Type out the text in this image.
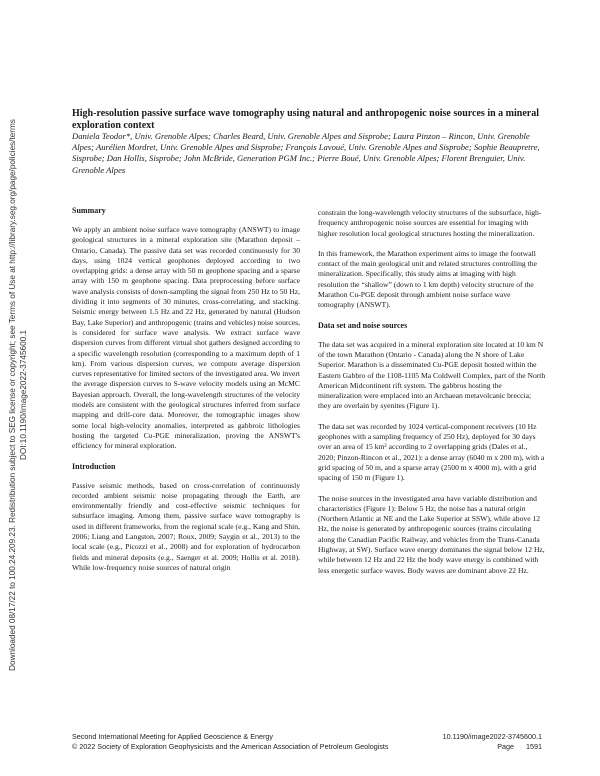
Downloaded 08/17/22 to 100.24.209.23. Redistribution subject to SEG license or copyright; see Terms of Use at http://library.seg.org/page/policies/terms DOI:10.1190/image2022-3745600.1
High-resolution passive surface wave tomography using natural and anthropogenic noise sources in a mineral exploration context
Daniela Teodor*, Univ. Grenoble Alpes; Charles Beard, Univ. Grenoble Alpes and Sisprobe; Laura Pinzon – Rincon, Univ. Grenoble Alpes; Aurélien Mordret, Univ. Grenoble Alpes and Sisprobe; François Lavoué, Univ. Grenoble Alpes and Sisprobe; Sophie Beaupretre, Sisprobe; Dan Hollis, Sisprobe; John McBride, Generation PGM Inc.; Pierre Boué, Univ. Grenoble Alpes; Florent Brenguier, Univ. Grenoble Alpes
Summary

We apply an ambient noise surface wave tomography (ANSWT) to image geological structures in a mineral exploration site (Marathon deposit – Ontario, Canada). The passive data set was recorded continuously for 30 days, using 1024 vertical geophones deployed according to two overlapping grids: a dense array with 50 m geophone spacing and a sparse array with 150 m geophone spacing. Data preprocessing before surface wave analysis consists of down-sampling the signal from 250 Hz to 50 Hz, dividing it into segments of 30 minutes, cross-correlating, and stacking. Seismic energy between 1.5 Hz and 22 Hz, generated by natural (Hudson Bay, Lake Superior) and anthropogenic (trains and vehicles) noise sources, is considered for surface wave analysis. We extract surface wave dispersion curves from different virtual shot gathers designed according to a specific wavelength resolution (corresponding to a maximum depth of 1 km). From various dispersion curves, we compute average dispersion curves representative for limited sectors of the investigated area. We invert the average dispersion curves to S-wave velocity models using an McMC Bayesian approach. Overall, the long-wavelength structures of the velocity models are consistent with the geological structures inferred from surface mapping and drill-core data. Moreover, the tomographic images show some local high-velocity anomalies, interpreted as gabbroic lithologies hosting the targeted Cu-PGE mineralization, proving the ANSWT's efficiency for mineral exploration.

Introduction

Passive seismic methods, based on cross-correlation of continuously recorded ambient seismic noise propagating through the Earth, are environmentally friendly and cost-effective seismic techniques for subsurface imaging. Among them, passive surface wave tomography is used in different frameworks, from the regional scale (e.g., Kang and Shin, 2006; Liang and Langston, 2007; Roux, 2009; Saygin et al., 2013) to the local scale (e.g., Picozzi et al., 2008) and for exploration of hydrocarbon fields and mineral deposits (e.g., Saenger et al. 2009; Hollis et al. 2018). While low-frequency noise sources of natural origin

constrain the long-wavelength velocity structures of the subsurface, high-frequency anthropogenic noise sources are essential for imaging with higher resolution local geological structures hosting the mineralization.

In this framework, the Marathon experiment aims to image the footwall contact of the main geological unit and related structures controlling the mineralization. Specifically, this study aims at imaging with high resolution the “shallow” (down to 1 km depth) velocity structure of the Marathon Cu-PGE deposit through ambient noise surface wave tomography (ANSWT).

Data set and noise sources

The data set was acquired in a mineral exploration site located at 10 km N of the town Marathon (Ontario - Canada) along the N shore of Lake Superior. Marathon is a disseminated Cu-PGE deposit hosted within the Eastern Gabbro of the 1108-1105 Ma Coldwell Complex, part of the North American Midcontinent rift system. The gabbros hosting the mineralization were emplaced into an Archaean metavolcanic breccia; they are overlain by syenites (Figure 1).

The data set was recorded by 1024 vertical-component receivers (10 Hz geophones with a sampling frequency of 250 Hz), deployed for 30 days over an area of 15 km² according to 2 overlapping grids (Dales et al., 2020; Pinzon-Rincon et al., 2021): a dense array (6040 m x 200 m), with a grid spacing of 50 m, and a sparse array (2500 m x 4000 m), with a grid spacing of 150 m (Figure 1).

The noise sources in the investigated area have variable distribution and characteristics (Figure 1): Below 5 Hz, the noise has a natural origin (Northern Atlantic at NE and the Lake Superior at SSW), while above 12 Hz, the noise is generated by anthropogenic sources (trains circulating along the Canadian Pacific Railway, and vehicles from the Trans-Canada Highway, at SW). Surface wave energy dominates the signal below 12 Hz, while between 12 Hz and 22 Hz the body wave energy is combined with less energetic surface waves. Body waves are dominant above 22 Hz.

Second International Meeting for Applied Geoscience & Energy
© 2022 Society of Exploration Geophysicists and the American Association of Petroleum Geologists
10.1190/image2022-3745600.1
Page 1591
